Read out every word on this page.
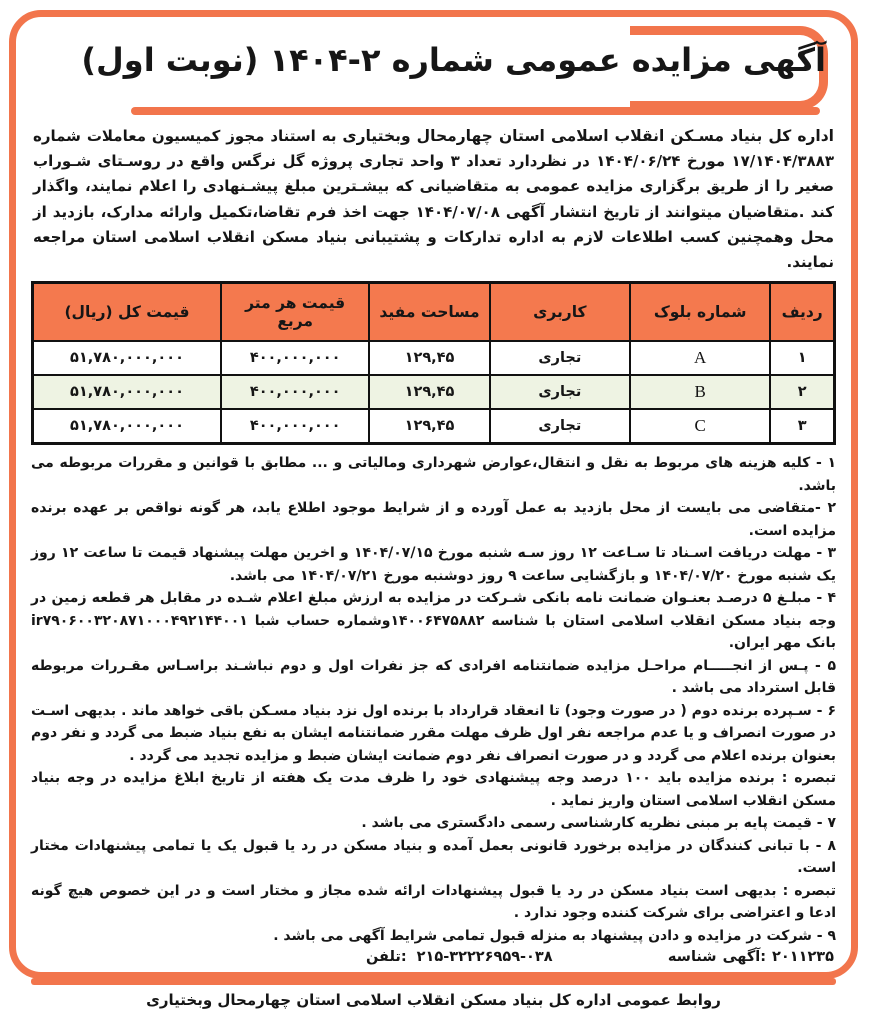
آگهی مزایده عمومی شماره ۲-۱۴۰۴ (نوبت اول)

اداره کل بنیاد مسـکن انقلاب اسلامی استان چهارمحال وبختیاری به استناد مجوز کمیسیون معاملات شماره ۱۷/۱۴۰۴/۳۸۸۳ مورخ ۱۴۰۴/۰۶/۲۴ در نظردارد تعداد ۳ واحد تجاری پروژه گل نرگس واقع در روسـتای شـوراب صغیر را از طریق برگزاری مزایده عمومی به متقاضیانی که بیشـترین مبلغ پیشـنهادی را اعلام نمایند، واگذار کند .متقاضیان میتوانند از تاریخ انتشار آگهی ۱۴۰۴/۰۷/۰۸ جهت اخذ فرم تقاضا،تکمیل وارائه مدارک، بازدید از محل وهمچنین کسب اطلاعات لازم به اداره تدارکات و پشتیبانی بنیاد مسکن انقلاب اسلامی استان مراجعه نمایند.

ردیف	شماره بلوک	کاربری	مساحت مفید	قیمت هر متر مربع	قیمت کل (ریال)
۱	A	تجاری	۱۲۹,۴۵	۴۰۰,۰۰۰,۰۰۰	۵۱,۷۸۰,۰۰۰,۰۰۰
۲	B	تجاری	۱۲۹,۴۵	۴۰۰,۰۰۰,۰۰۰	۵۱,۷۸۰,۰۰۰,۰۰۰
۳	C	تجاری	۱۲۹,۴۵	۴۰۰,۰۰۰,۰۰۰	۵۱,۷۸۰,۰۰۰,۰۰۰

۱ - کلیه هزینه های مربوط به نقل و انتقال،عوارض شهرداری ومالیاتی و ... مطابق با قوانین و مقررات مربوطه می باشد.

۲ -متقاضی می بایست از محل بازدید به عمل آورده و از شرایط موجود اطلاع یابد، هر گونه نواقص بر عهده برنده مزایده است.

۳ - مهلت دریافت اسـناد تا سـاعت ۱۲ روز سـه شنبه مورخ ۱۴۰۴/۰۷/۱۵ و اخرین مهلت پیشنهاد قیمت تا ساعت ۱۲ روز یک شنبه مورخ ۱۴۰۴/۰۷/۲۰ و بازگشایی ساعت ۹ روز دوشنبه مورخ ۱۴۰۴/۰۷/۲۱ می باشد.

۴ - مبلـغ ۵ درصـد بعنـوان ضمانت نامه بانکی شـرکت در مزایده به ارزش مبلغ اعلام شـده در مقابل هر قطعه زمین در وجه بنیاد مسکن انقلاب اسلامی استان با شناسه ۱۴۰۰۶۴۷۵۸۸۲وشماره حساب شبا ir۷۹۰۶۰۰۳۲۰۸۷۱۰۰۰۴۹۲۱۴۴۰۰۱ بانک مهر ایران.

۵ - پـس از انجـــــام مراحـل مزایده ضمانتنامه افرادی که جز نفرات اول و دوم نباشـند براسـاس مقـررات مربوطه قابل استرداد می باشد .

۶ - سـپرده برنده دوم ( در صورت وجود) تا انعقاد قرارداد با برنده اول نزد بنیاد مسـکن باقی خواهد ماند . بدیهی اسـت در صورت انصراف و یا عدم مراجعه نفر اول ظرف مهلت مقرر ضمانتنامه ایشان به نفع بنیاد ضبط می گردد و نفر دوم بعنوان برنده اعلام می گردد و در صورت انصراف نفر دوم ضمانت ایشان ضبط و مزایده تجدید می گردد .

تبصره : برنده مزایده باید ۱۰۰ درصد وجه پیشنهادی خود را ظرف مدت یک هفته از تاریخ ابلاغ مزایده در وجه بنیاد مسکن انقلاب اسلامی استان واریز نماید .

۷ - قیمت پایه بر مبنی نظریه کارشناسی رسمی دادگستری می باشد .

۸ - با تبانی کنندگان در مزایده برخورد قانونی بعمل آمده و بنیاد مسکن در رد یا قبول یک یا تمامی پیشنهادات مختار است.

تبصره : بدیهی است بنیاد مسکن در رد یا قبول پیشنهادات ارائه شده مجاز و مختار است و در این خصوص هیچ گونه ادعا و اعتراضی برای شرکت کننده وجود ندارد .

۹ - شرکت در مزایده و دادن پیشنهاد به منزله قبول تمامی شرایط آگهی می باشد .

تلفن: ۲۱۵-۳۲۲۲۶۹۵۹-۰۳۸	شناسه آگهی: ۲۰۱۱۲۳۵
روابط عمومی اداره کل بنیاد مسکن انقلاب اسلامی استان چهارمحال وبختیاری
